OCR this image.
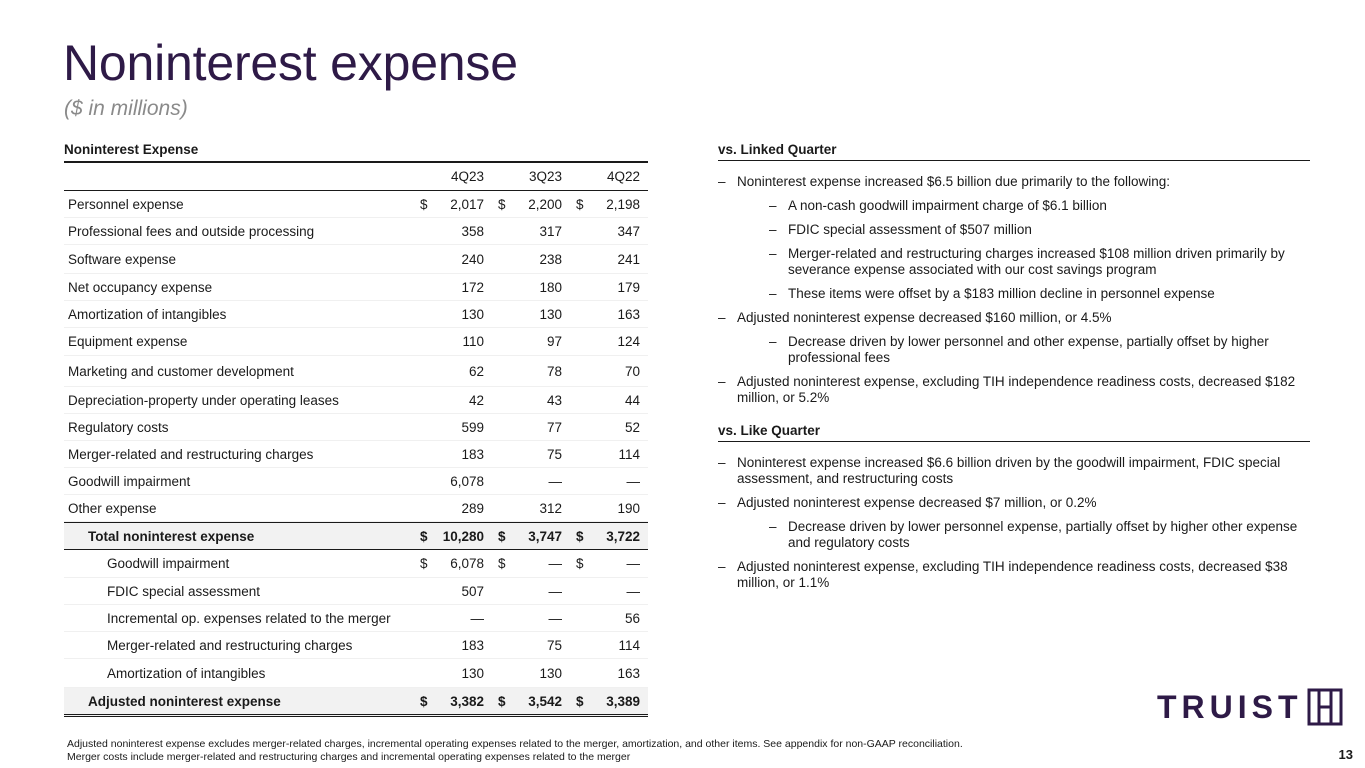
Noninterest expense
($ in millions)
Noninterest Expense
4Q23	3Q23	4Q22
Personnel expense	$ 2,017 $ 2,200 $ 2,198
Professional fees and outside processing	358	317	347
Software expense	240	238	241
Net occupancy expense	172	180	179
Amortization of intangibles	130	130	163
Equipment expense	110	97	124
Marketing and customer development	62	78	70
Depreciation-property under operating leases	42	43	44
Regulatory costs	599	77	52
Merger-related and restructuring charges	183	75	114
Goodwill impairment	6,078	—	—
Other expense	289	312	190
Total noninterest expense	$ 10,280 $ 3,747 $ 3,722
Goodwill impairment	$ 6,078 $	— $	—
FDIC special assessment	507	—	—
Incremental op. expenses related to the merger	—	—	56
Merger-related and restructuring charges	183	75	114
Amortization of intangibles	130	130	163
Adjusted noninterest expense	$ 3,382 $ 3,542 $ 3,389
vs. Linked Quarter
– Noninterest expense increased $6.5 billion due primarily to the following:
– A non-cash goodwill impairment charge of $6.1 billion
– FDIC special assessment of $507 million
– Merger-related and restructuring charges increased $108 million driven primarily by severance expense associated with our cost savings program
– These items were offset by a $183 million decline in personnel expense
– Adjusted noninterest expense decreased $160 million, or 4.5%
– Decrease driven by lower personnel and other expense, partially offset by higher professional fees
– Adjusted noninterest expense, excluding TIH independence readiness costs, decreased $182 million, or 5.2%
vs. Like Quarter
– Noninterest expense increased $6.6 billion driven by the goodwill impairment, FDIC special assessment, and restructuring costs
– Adjusted noninterest expense decreased $7 million, or 0.2%
– Decrease driven by lower personnel expense, partially offset by higher other expense and regulatory costs
– Adjusted noninterest expense, excluding TIH independence readiness costs, decreased $38 million, or 1.1%
TRUIST
Adjusted noninterest expense excludes merger-related charges, incremental operating expenses related to the merger, amortization, and other items. See appendix for non-GAAP reconciliation.
Merger costs include merger-related and restructuring charges and incremental operating expenses related to the merger	13
